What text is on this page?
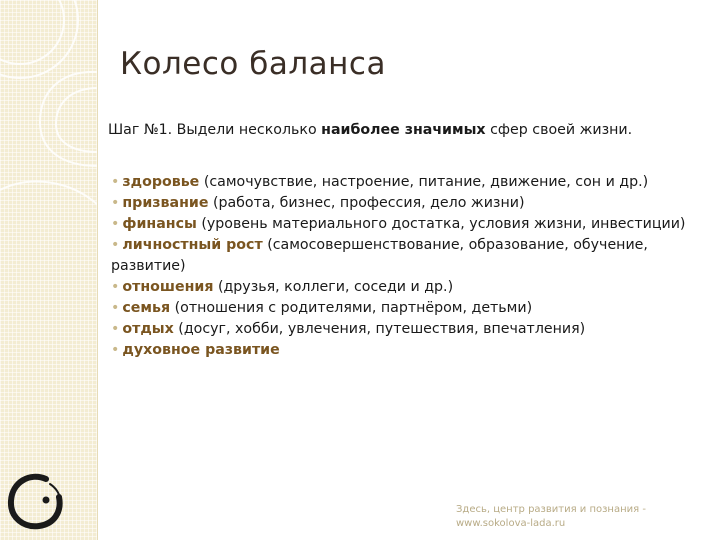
Колесо баланса

Шаг №1. Выдели несколько наиболее значимых сфер своей жизни.

• здоровье (самочувствие, настроение, питание, движение, сон и др.)
• призвание (работа, бизнес, профессия, дело жизни)
• финансы (уровень материального достатка, условия жизни, инвестиции)
• личностный рост (самосовершенствование, образование, обучение, развитие)
• отношения (друзья, коллеги, соседи и др.)
• семья (отношения с родителями, партнёром, детьми)
• отдых (досуг, хобби, увлечения, путешествия, впечатления)
• духовное развитие
Здесь, центр развития и познания -
www.sokolova-lada.ru
